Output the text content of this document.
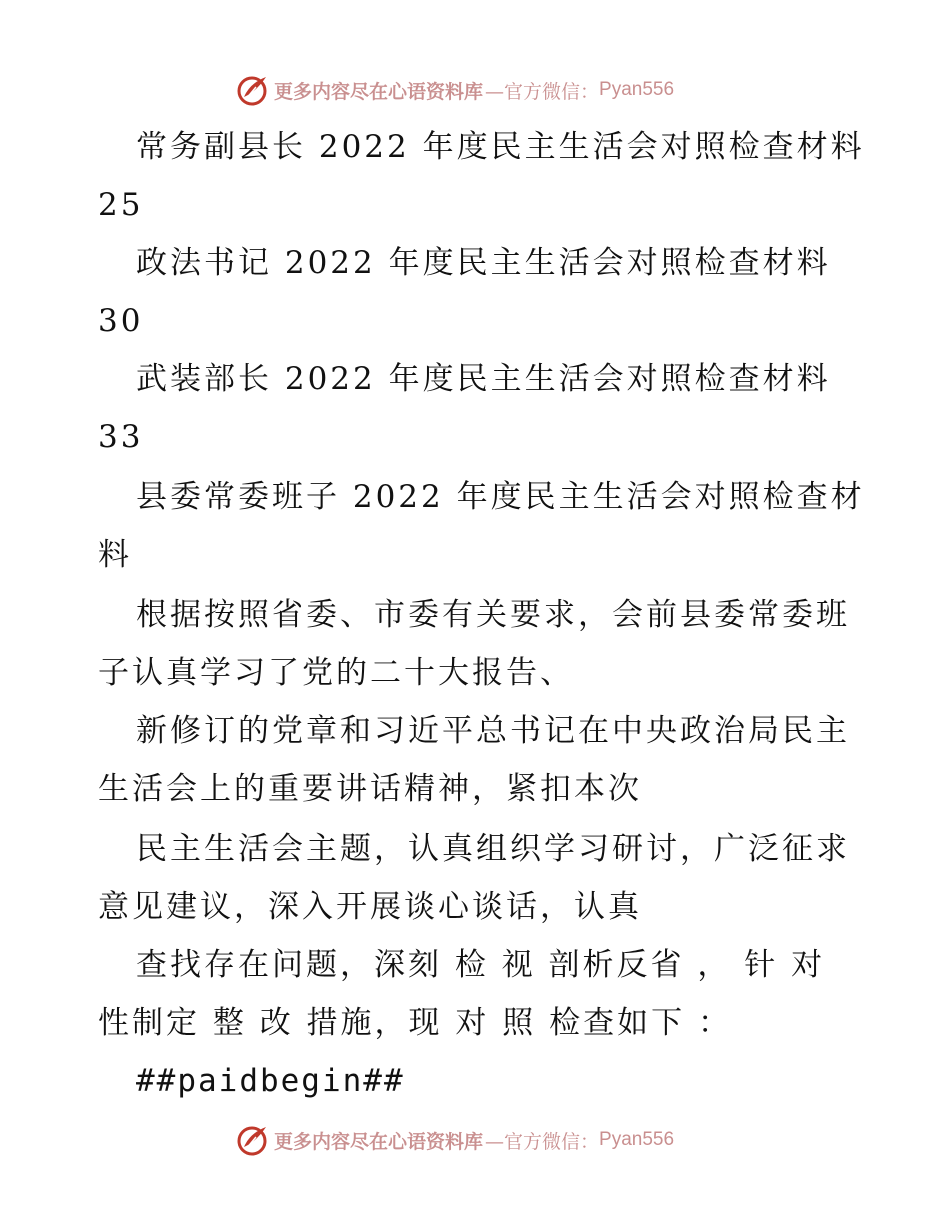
更多内容尽在心语资料库 —官方微信： Pyan556
常务副县长 2022 年度民主生活会对照检查材料
25
政法书记 2022 年度民主生活会对照检查材料
30
武装部长 2022 年度民主生活会对照检查材料
33
县委常委班子 2022 年度民主生活会对照检查材
料
根据按照省委、市委有关要求，会前县委常委班
子认真学习了党的二十大报告、
新修订的党章和习近平总书记在中央政治局民主
生活会上的重要讲话精神，紧扣本次
民主生活会主题，认真组织学习研讨，广泛征求
意见建议，深入开展谈心谈话，认真
查找存在问题，深刻 检 视 剖析反省 ， 针 对
性制定 整 改 措施，现 对 照 检查如下 ：
##paidbegin##
更多内容尽在心语资料库 —官方微信： Pyan556
